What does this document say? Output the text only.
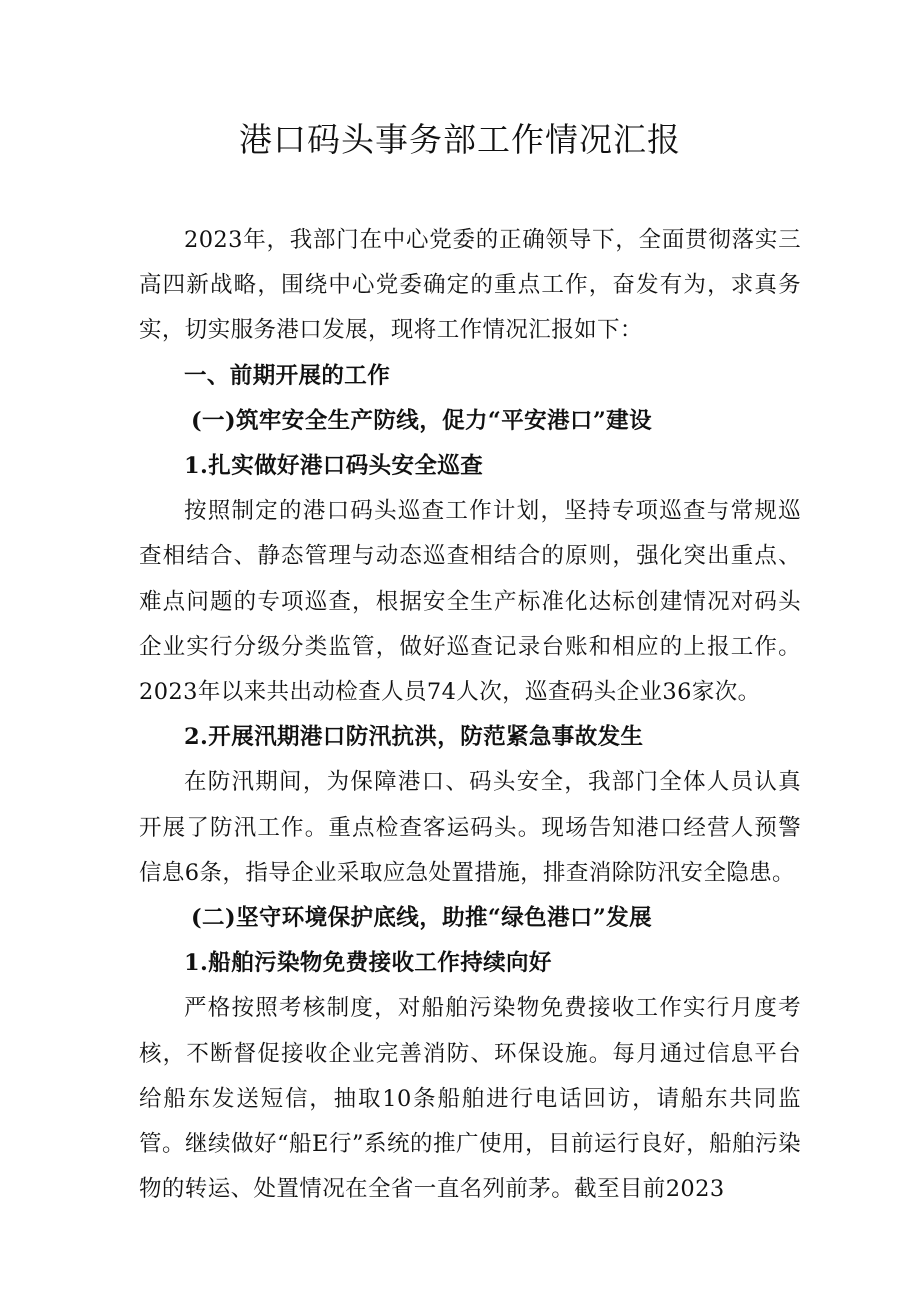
港口码头事务部工作情况汇报

2023年，我部门在中心党委的正确领导下，全面贯彻落实三高四新战略，围绕中心党委确定的重点工作，奋发有为，求真务实，切实服务港口发展，现将工作情况汇报如下：

一、前期开展的工作

(一)筑牢安全生产防线，促力“平安港口”建设

1.扎实做好港口码头安全巡查

按照制定的港口码头巡查工作计划，坚持专项巡查与常规巡查相结合、静态管理与动态巡查相结合的原则，强化突出重点、难点问题的专项巡查，根据安全生产标准化达标创建情况对码头企业实行分级分类监管，做好巡查记录台账和相应的上报工作。2023年以来共出动检查人员74人次，巡查码头企业36家次。

2.开展汛期港口防汛抗洪，防范紧急事故发生

在防汛期间，为保障港口、码头安全，我部门全体人员认真开展了防汛工作。重点检查客运码头。现场告知港口经营人预警信息6条，指导企业采取应急处置措施，排查消除防汛安全隐患。

(二)坚守环境保护底线，助推“绿色港口”发展

1.船舶污染物免费接收工作持续向好

严格按照考核制度，对船舶污染物免费接收工作实行月度考核，不断督促接收企业完善消防、环保设施。每月通过信息平台给船东发送短信，抽取10条船舶进行电话回访，请船东共同监管。继续做好“船E行”系统的推广使用，目前运行良好，船舶污染物的转运、处置情况在全省一直名列前茅。截至目前2023
